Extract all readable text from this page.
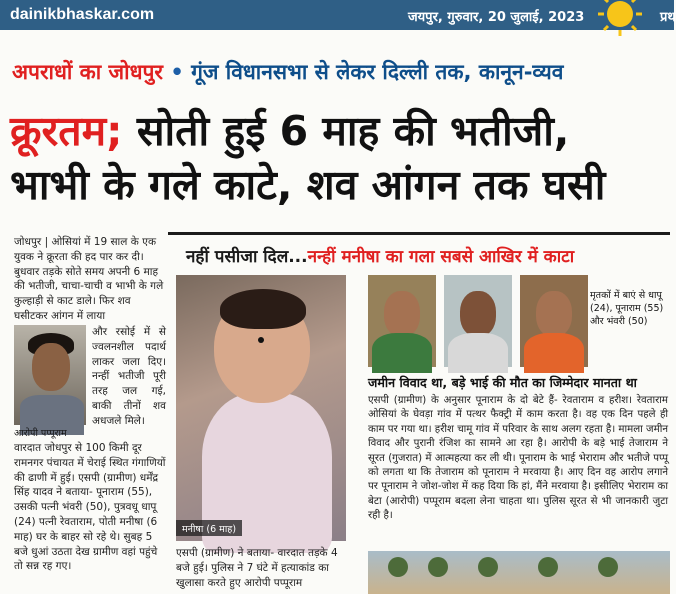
dainikbhaskar.com	जयपुर, गुरुवार, 20 जुलाई, 2023	प्रथ
अपराधों का जोधपुर • गूंज विधानसभा से लेकर दिल्ली तक, कानून-व्यव
क्रूरतम; सोती हुई 6 माह की भतीजी,
भाभी के गले काटे, शव आंगन तक घसी

जोधपुर | ओसियां में 19 साल के एक युवक ने क्रूरता की हद पार कर दी। बुधवार तड़के सोते समय अपनी 6 माह की भतीजी, चाचा-चाची व भाभी के गले कुल्हाड़ी से काट डाले। फिर शव घसीटकर आंगन में लाया

आरोपी पप्पूराम
और रसोई में से ज्वलनशील पदार्थ लाकर जला दिए। नन्हीं भतीजी पूरी तरह जल गई, बाकी तीनों शव अधजले मिले।
वारदात जोधपुर से 100 किमी दूर रामनगर पंचायत में चेराई स्थित गंगाणियों की ढाणी में हुई। एसपी (ग्रामीण) धर्मेंद्र सिंह यादव ने बताया- पूनाराम (55), उसकी पत्नी भंवरी (50), पुत्रवधू धापू (24) पत्नी रेवताराम, पोती मनीषा (6 माह) घर के बाहर सो रहे थे। सुबह 5 बजे धुआं उठता देख ग्रामीण वहां पहुंचे तो सन्न रह गए।
नहीं पसीजा दिल...नन्हीं मनीषा का गला सबसे आखिर में काटा
मनीषा (6 माह)
एसपी (ग्रामीण) ने बताया- वारदात तड़के 4 बजे हुई। पुलिस ने 7 घंटे में हत्याकांड का खुलासा करते हुए आरोपी पप्पूराम
मृतकों में बाएं से धापू (24), पूनाराम (55) और भंवरी (50)
जमीन विवाद था, बड़े भाई की मौत का जिम्मेदार मानता था
एसपी (ग्रामीण) के अनुसार पूनाराम के दो बेटे हैं- रेवताराम व हरीश। रेवताराम ओसियां के घेवड़ा गांव में पत्थर फैक्ट्री में काम करता है। वह एक दिन पहले ही काम पर गया था। हरीश चामू गांव में परिवार के साथ अलग रहता है। मामला जमीन विवाद और पुरानी रंजिश का सामने आ रहा है। आरोपी के बड़े भाई तेजाराम ने सूरत (गुजरात) में आत्महत्या कर ली थी। पूनाराम के भाई भेराराम और भतीजे पप्पू को लगता था कि तेजाराम को पूनाराम ने मरवाया है। आए दिन वह आरोप लगाने पर पूनाराम ने जोश-जोश में कह दिया कि हां, मैंने मरवाया है। इसीलिए भेराराम का बेटा (आरोपी) पप्पूराम बदला लेना चाहता था। पुलिस सूरत से भी जानकारी जुटा रही है।
